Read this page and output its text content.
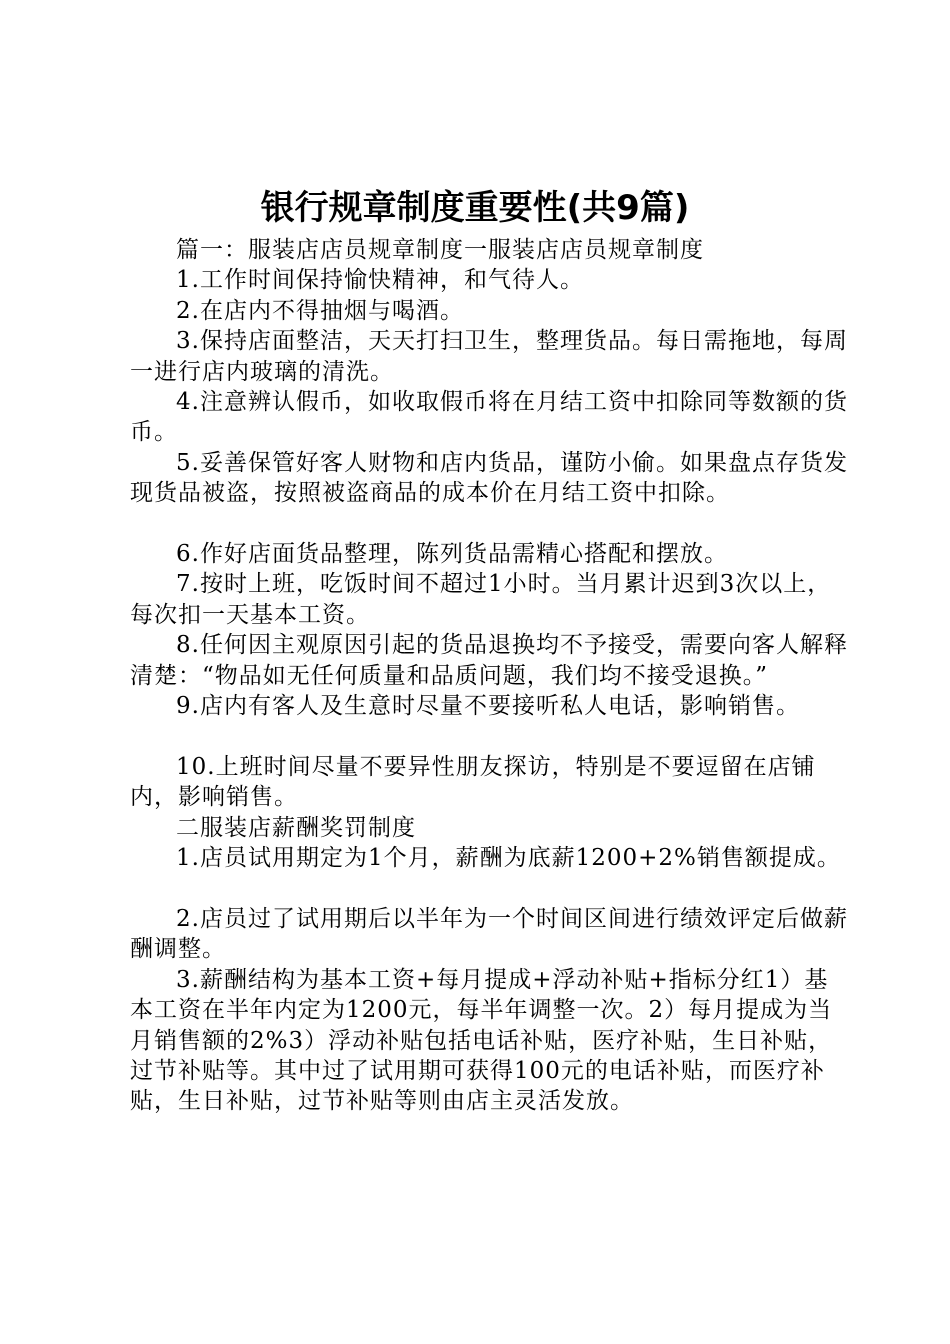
银行规章制度重要性(共9篇)

篇一：服装店店员规章制度一服装店店员规章制度

1.工作时间保持愉快精神，和气待人。

2.在店内不得抽烟与喝酒。

3.保持店面整洁，天天打扫卫生，整理货品。每日需拖地，每周一进行店内玻璃的清洗。

4.注意辨认假币，如收取假币将在月结工资中扣除同等数额的货币。

5.妥善保管好客人财物和店内货品，谨防小偷。如果盘点存货发现货品被盗，按照被盗商品的成本价在月结工资中扣除。

6.作好店面货品整理，陈列货品需精心搭配和摆放。

7.按时上班，吃饭时间不超过1小时。当月累计迟到3次以上，每次扣一天基本工资。

8.任何因主观原因引起的货品退换均不予接受，需要向客人解释清楚：“物品如无任何质量和品质问题，我们均不接受退换。”

9.店内有客人及生意时尽量不要接听私人电话，影响销售。

10.上班时间尽量不要异性朋友探访，特别是不要逗留在店铺内，影响销售。

二服装店薪酬奖罚制度

1.店员试用期定为1个月，薪酬为底薪1200+2%销售额提成。

2.店员过了试用期后以半年为一个时间区间进行绩效评定后做薪酬调整。

3.薪酬结构为基本工资+每月提成+浮动补贴+指标分红1）基本工资在半年内定为1200元，每半年调整一次。2）每月提成为当月销售额的2%3）浮动补贴包括电话补贴，医疗补贴，生日补贴，过节补贴等。其中过了试用期可获得100元的电话补贴，而医疗补贴，生日补贴，过节补贴等则由店主灵活发放。
